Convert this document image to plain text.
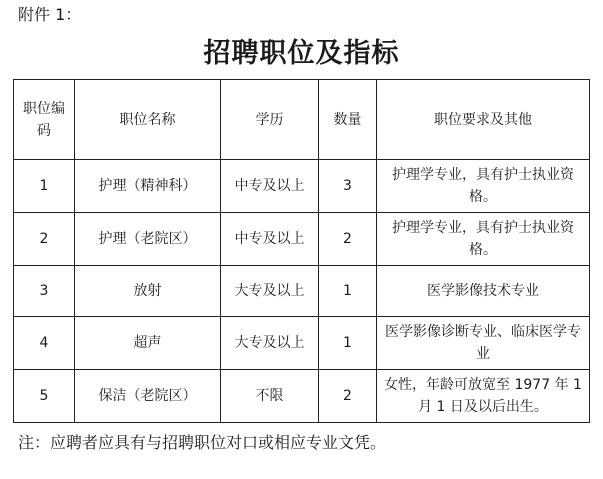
附件 1：
招聘职位及指标
职位编码	职位名称	学历	数量	职位要求及其他
1	护理（精神科）	中专及以上	3	护理学专业，具有护士执业资格。
2	护理（老院区）	中专及以上	2	护理学专业，具有护士执业资格。
3	放射	大专及以上	1	医学影像技术专业
4	超声	大专及以上	1	医学影像诊断专业、临床医学专业
5	保洁（老院区）	不限	2	女性，年龄可放宽至 1977 年 1 月 1 日及以后出生。
注：应聘者应具有与招聘职位对口或相应专业文凭。
